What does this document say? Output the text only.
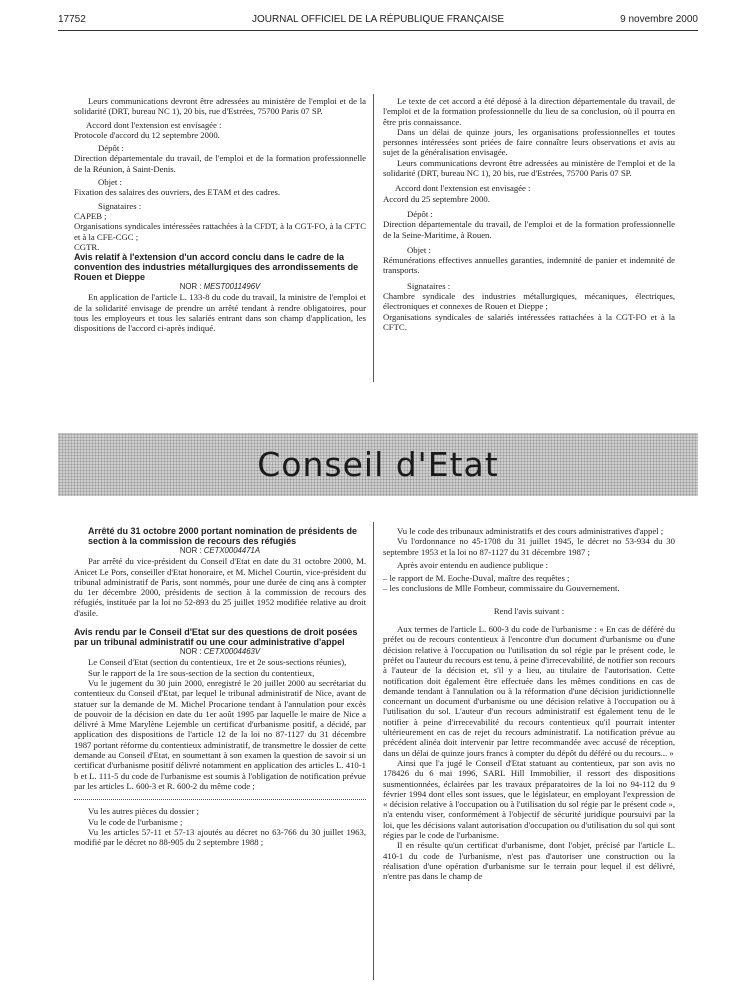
17752	JOURNAL OFFICIEL DE LA RÉPUBLIQUE FRANÇAISE	9 novembre 2000

Leurs communications devront être adressées au ministère de l'emploi et de la solidarité (DRT, bureau NC 1), 20 bis, rue d'Estrées, 75700 Paris 07 SP.

Accord dont l'extension est envisagée :

Protocole d'accord du 12 septembre 2000.

Dépôt :

Direction départementale du travail, de l'emploi et de la formation professionnelle de la Réunion, à Saint-Denis.

Objet :

Fixation des salaires des ouvriers, des ETAM et des cadres.

Signataires :

CAPEB ;

Organisations syndicales intéressées rattachées à la CFDT, à la CGT-FO, à la CFTC et à la CFE-CGC ;

CGTR.

Avis relatif à l'extension d'un accord conclu dans le cadre de la convention des industries métallurgiques des arrondissements de Rouen et Dieppe

NOR : MEST0011496V

En application de l'article L. 133-8 du code du travail, la ministre de l'emploi et de la solidarité envisage de prendre un arrêté tendant à rendre obligatoires, pour tous les employeurs et tous les salariés entrant dans son champ d'application, les dispositions de l'accord ci-après indiqué.

Le texte de cet accord a été déposé à la direction départementale du travail, de l'emploi et de la formation professionnelle du lieu de sa conclusion, où il pourra en être pris connaissance.

Dans un délai de quinze jours, les organisations professionnelles et toutes personnes intéressées sont priées de faire connaître leurs observations et avis au sujet de la généralisation envisagée.

Leurs communications devront être adressées au ministère de l'emploi et de la solidarité (DRT, bureau NC 1), 20 bis, rue d'Estrées, 75700 Paris 07 SP.

Accord dont l'extension est envisagée :

Accord du 25 septembre 2000.

Dépôt :

Direction départementale du travail, de l'emploi et de la formation professionnelle de la Seine-Maritime, à Rouen.

Objet :

Rémunérations effectives annuelles garanties, indemnité de panier et indemnité de transports.

Signataires :

Chambre syndicale des industries métallurgiques, mécaniques, électriques, électroniques et connexes de Rouen et Dieppe ;

Organisations syndicales de salariés intéressées rattachées à la CGT-FO et à la CFTC.

Conseil d'Etat

Arrêté du 31 octobre 2000 portant nomination de présidents de section à la commission de recours des réfugiés

NOR : CETX0004471A

Par arrêté du vice-président du Conseil d'Etat en date du 31 octobre 2000, M. Anicet Le Pors, conseiller d'Etat honoraire, et M. Michel Courtin, vice-président du tribunal administratif de Paris, sont nommés, pour une durée de cinq ans à compter du 1er décembre 2000, présidents de section à la commission de recours des réfugiés, instituée par la loi no 52-893 du 25 juillet 1952 modifiée relative au droit d'asile.

Avis rendu par le Conseil d'Etat sur des questions de droit posées par un tribunal administratif ou une cour administrative d'appel

NOR : CETX0004463V

Le Conseil d'Etat (section du contentieux, 1re et 2e sous-sections réunies),

Sur le rapport de la 1re sous-section de la section du contentieux,

Vu le jugement du 30 juin 2000, enregistré le 20 juillet 2000 au secrétariat du contentieux du Conseil d'Etat, par lequel le tribunal administratif de Nice, avant de statuer sur la demande de M. Michel Procarione tendant à l'annulation pour excès de pouvoir de la décision en date du 1er août 1995 par laquelle le maire de Nice a délivré à Mme Marylène Lejemble un certificat d'urbanisme positif, a décidé, par application des dispositions de l'article 12 de la loi no 87-1127 du 31 décembre 1987 portant réforme du contentieux administratif, de transmettre le dossier de cette demande au Conseil d'Etat, en soumettant à son examen la question de savoir si un certificat d'urbanisme positif délivré notamment en application des articles L. 410-1 b et L. 111-5 du code de l'urbanisme est soumis à l'obligation de notification prévue par les articles L. 600-3 et R. 600-2 du même code ;

Vu les autres pièces du dossier ;

Vu le code de l'urbanisme ;

Vu les articles 57-11 et 57-13 ajoutés au décret no 63-766 du 30 juillet 1963, modifié par le décret no 88-905 du 2 septembre 1988 ;

Vu le code des tribunaux administratifs et des cours administratives d'appel ;

Vu l'ordonnance no 45-1708 du 31 juillet 1945, le décret no 53-934 du 30 septembre 1953 et la loi no 87-1127 du 31 décembre 1987 ;

Après avoir entendu en audience publique :

– le rapport de M. Eoche-Duval, maître des requêtes ;

– les conclusions de Mlle Fombeur, commissaire du Gouvernement.

Rend l'avis suivant :

Aux termes de l'article L. 600-3 du code de l'urbanisme : « En cas de déféré du préfet ou de recours contentieux à l'encontre d'un document d'urbanisme ou d'une décision relative à l'occupation ou l'utilisation du sol régie par le présent code, le préfet ou l'auteur du recours est tenu, à peine d'irrecevabilité, de notifier son recours à l'auteur de la décision et, s'il y a lieu, au titulaire de l'autorisation. Cette notification doit également être effectuée dans les mêmes conditions en cas de demande tendant à l'annulation ou à la réformation d'une décision juridictionnelle concernant un document d'urbanisme ou une décision relative à l'occupation ou à l'utilisation du sol. L'auteur d'un recours administratif est également tenu de le notifier à peine d'irrecevabilité du recours contentieux qu'il pourrait intenter ultérieurement en cas de rejet du recours administratif. La notification prévue au précédent alinéa doit intervenir par lettre recommandée avec accusé de réception, dans un délai de quinze jours francs à compter du dépôt du déféré ou du recours... »

Ainsi que l'a jugé le Conseil d'Etat statuant au contentieux, par son avis no 178426 du 6 mai 1996, SARL Hill Immobilier, il ressort des dispositions susmentionnées, éclairées par les travaux préparatoires de la loi no 94-112 du 9 février 1994 dont elles sont issues, que le législateur, en employant l'expression de « décision relative à l'occupation ou à l'utilisation du sol régie par le présent code », n'a entendu viser, conformément à l'objectif de sécurité juridique poursuivi par la loi, que les décisions valant autorisation d'occupation ou d'utilisation du sol qui sont régies par le code de l'urbanisme.

Il en résulte qu'un certificat d'urbanisme, dont l'objet, précisé par l'article L. 410-1 du code de l'urbanisme, n'est pas d'autoriser une construction ou la réalisation d'une opération d'urbanisme sur le terrain pour lequel il est délivré, n'entre pas dans le champ de
